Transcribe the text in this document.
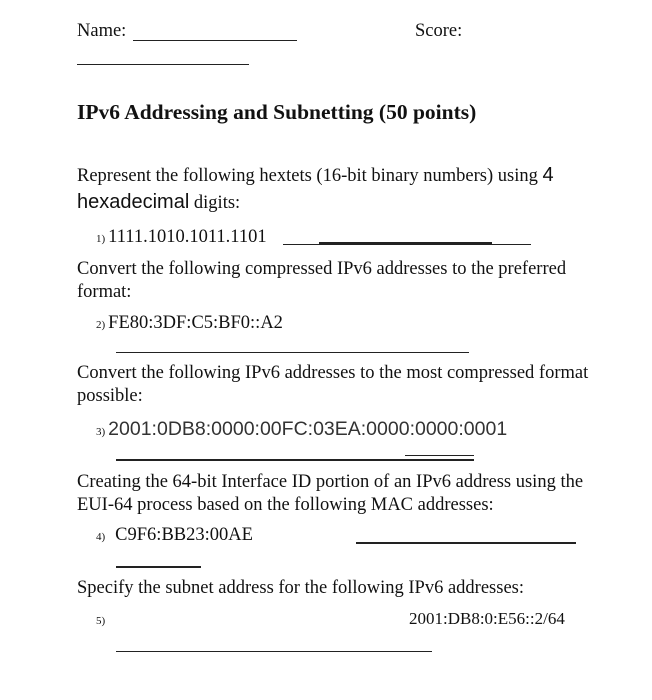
Name:	Score:
IPv6 Addressing and Subnetting (50 points)
Represent the following hextets (16-bit binary numbers) using 4 hexadecimal digits:
1) 1111.1010.1011.1101
Convert the following compressed IPv6 addresses to the preferred format:
2) FE80:3DF:C5:BF0::A2
Convert the following IPv6 addresses to the most compressed format possible:
3) 2001:0DB8:0000:00FC:03EA:0000:0000:0001
Creating the 64-bit Interface ID portion of an IPv6 address using the EUI-64 process based on the following MAC addresses:
4) C9F6:BB23:00AE
Specify the subnet address for the following IPv6 addresses:
5)	2001:DB8:0:E56::2/64
